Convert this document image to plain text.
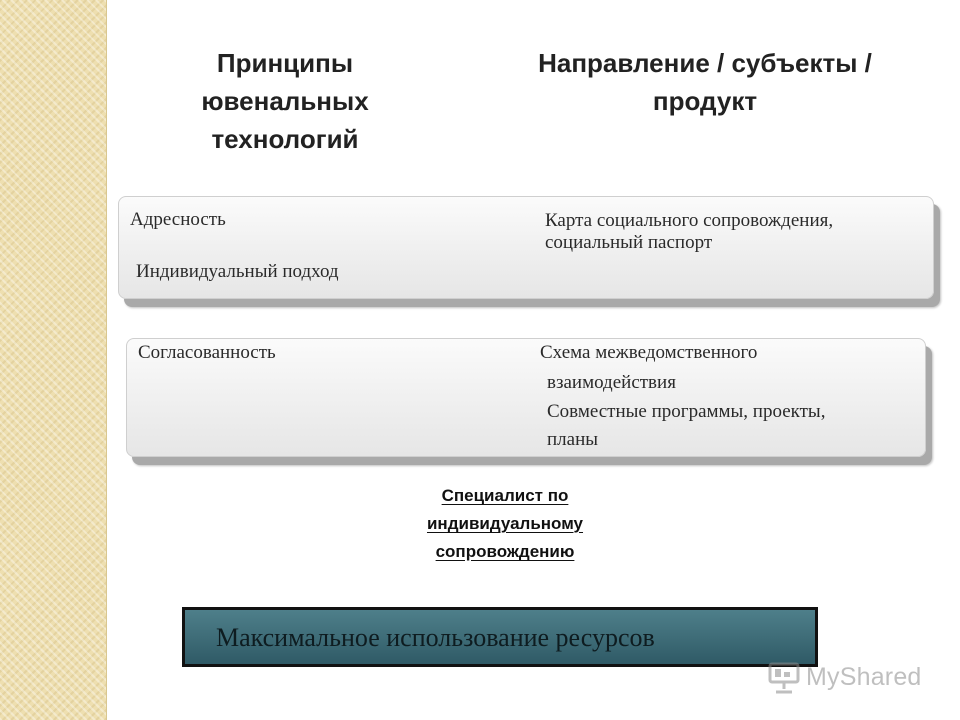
Принципы
ювенальных
технологий
Направление / субъекты /
продукт
Адресность
Индивидуальный подход
Карта социального сопровождения,
социальный паспорт
Согласованность	Схема межведомственного
взаимодействия
Совместные программы, проекты,
планы
Специалист по
индивидуальному
сопровождению
Максимальное использование ресурсов
MyShared
